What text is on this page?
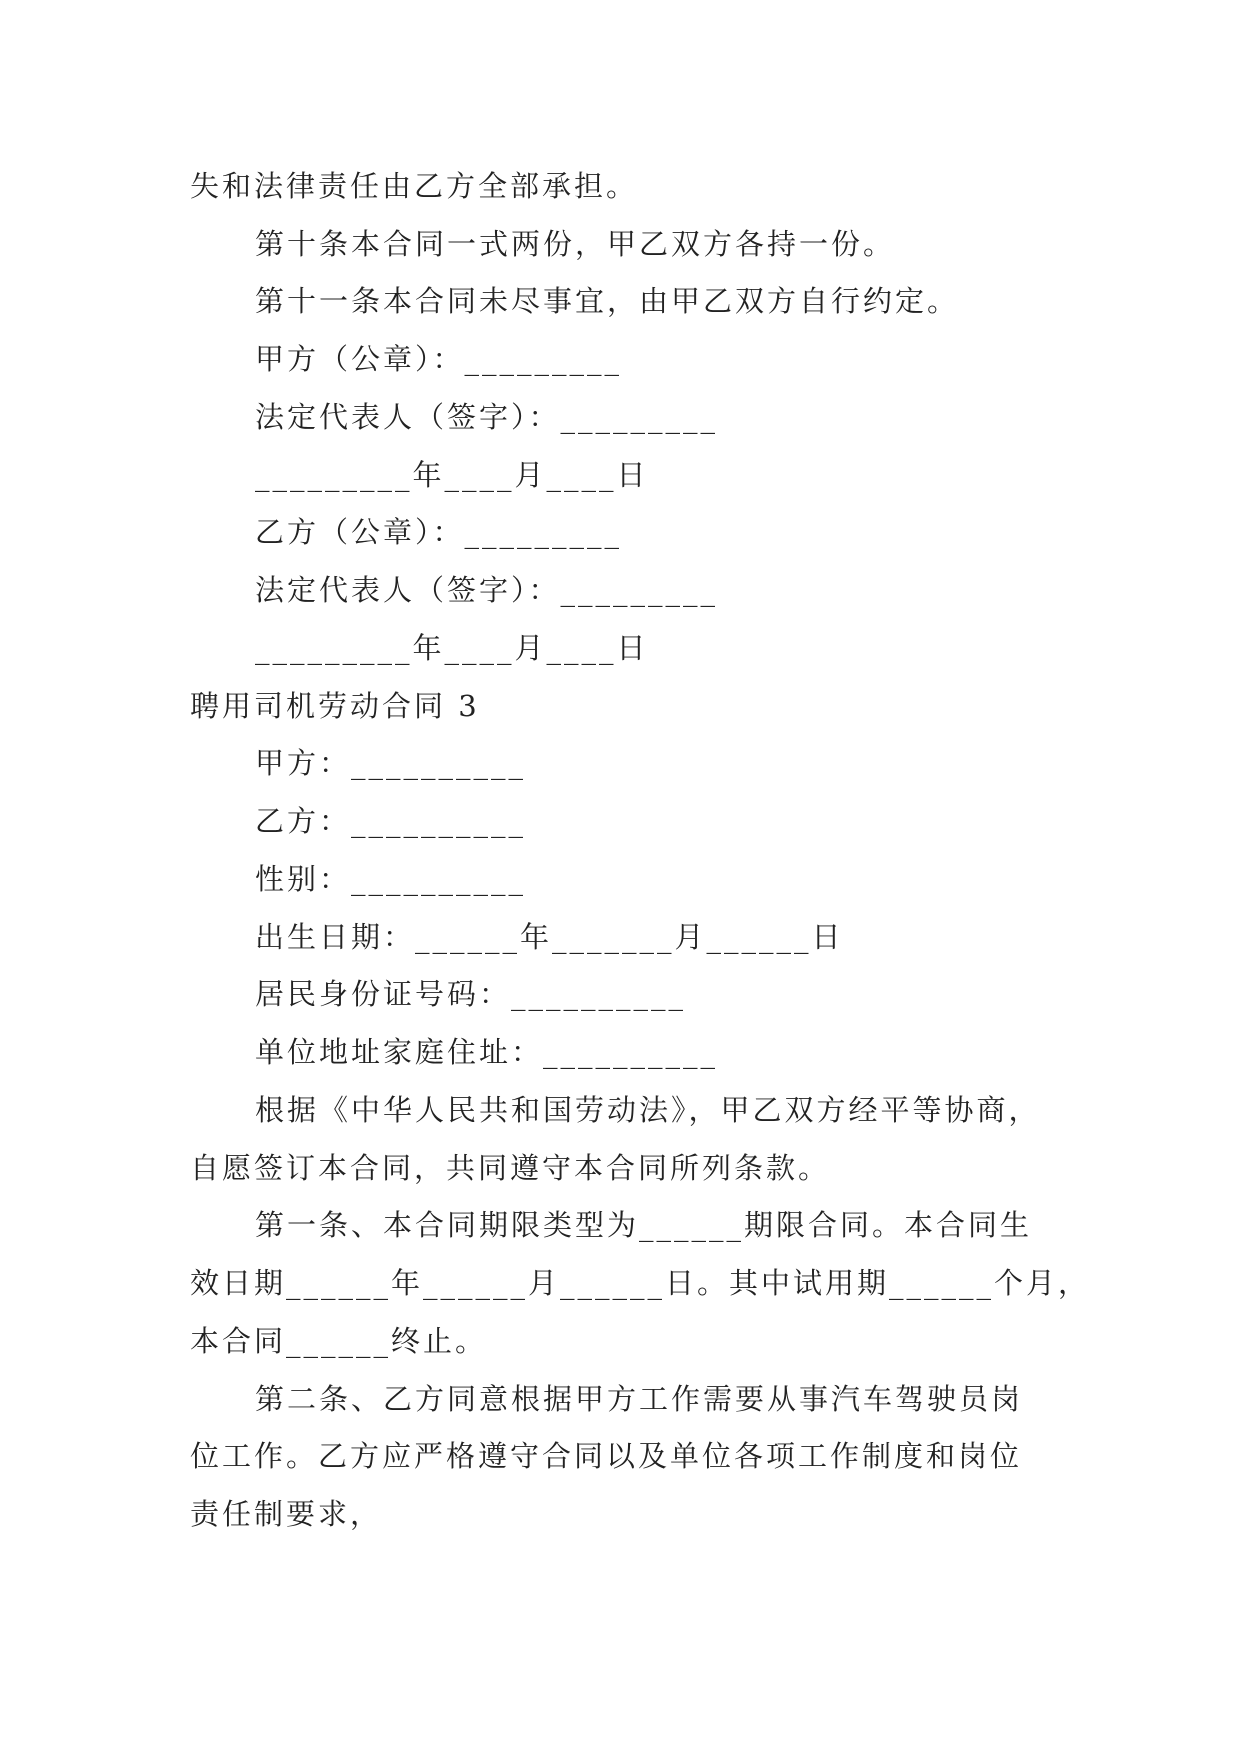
失和法律责任由乙方全部承担。
第十条本合同一式两份，甲乙双方各持一份。
第十一条本合同未尽事宜，由甲乙双方自行约定。
甲方（公章）：_________
法定代表人（签字）：_________
_________年____月____日
乙方（公章）：_________
法定代表人（签字）：_________
_________年____月____日
聘用司机劳动合同 3
甲方：__________
乙方：__________
性别：__________
出生日期：______年_______月______日
居民身份证号码：__________
单位地址家庭住址：__________
根据《中华人民共和国劳动法》，甲乙双方经平等协商，
自愿签订本合同，共同遵守本合同所列条款。
第一条、本合同期限类型为______期限合同。本合同生
效日期______年______月______日。其中试用期______个月，
本合同______终止。
第二条、乙方同意根据甲方工作需要从事汽车驾驶员岗
位工作。乙方应严格遵守合同以及单位各项工作制度和岗位
责任制要求，
